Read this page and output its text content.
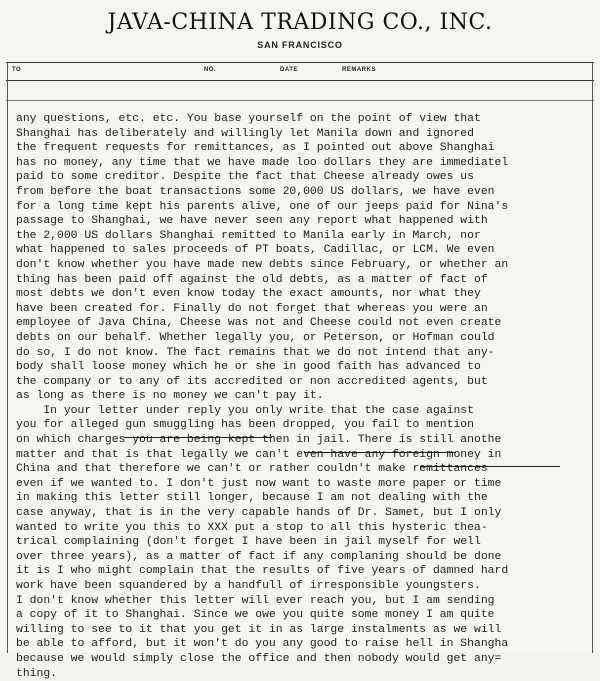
JAVA-CHINA TRADING CO., INC.
SAN FRANCISCO
TO	NO.	DATE	REMARKS
any questions, etc. etc. You base yourself on the point of view that
Shanghai has deliberately and willingly let Manila down and ignored
the frequent requests for remittances, as I pointed out above Shanghai
has no money, any time that we have made loo dollars they are immediatel
paid to some creditor. Despite the fact that Cheese already owes us
from before the boat transactions some 20,000 US dollars, we have even
for a long time kept his parents alive, one of our jeeps paid for Nina's
passage to Shanghai, we have never seen any report what happened with
the 2,000 US dollars Shanghai remitted to Manila early in March, nor
what happened to sales proceeds of PT boats, Cadillac, or LCM. We even
don't know whether you have made new debts since February, or whether an
thing has been paid off against the old debts, as a matter of fact of
most debts we don't even know today the exact amounts, nor what they
have been created for. Finally do not forget that whereas you were an
employee of Java China, Cheese was not and Cheese could not even create
debts on our behalf. Whether legally you, or Peterson, or Hofman could
do so, I do not know. The fact remains that we do not intend that any-
body shall loose money which he or she in good faith has advanced to
the company or to any of its accredited or non accredited agents, but
as long as there is no money we can't pay it.
In your letter under reply you only write that the case against
you for alleged gun smuggling has been dropped, you fail to mention
on which charges you are being kept then in jail. There is still anothe
matter and that is that legally we can't even have any foreign money in
China and that therefore we can't or rather couldn't make remittances
even if we wanted to. I don't just now want to waste more paper or time
in making this letter still longer, because I am not dealing with the
case anyway, that is in the very capable hands of Dr. Samet, but I only
wanted to write you this to XXX put a stop to all this hysteric thea-
trical complaining (don't forget I have been in jail myself for well
over three years), as a matter of fact if any complaning should be done
it is I who might complain that the results of five years of damned hard
work have been squandered by a handfull of irresponsible youngsters.
I don't know whether this letter will ever reach you, but I am sending
a copy of it to Shanghai. Since we owe you quite some money I am quite
willing to see to it that you get it in as large instalments as we will
be able to afford, but it won't do you any good to raise hell in Shangha
because we would simply close the office and then nobody would get any=
thing.
